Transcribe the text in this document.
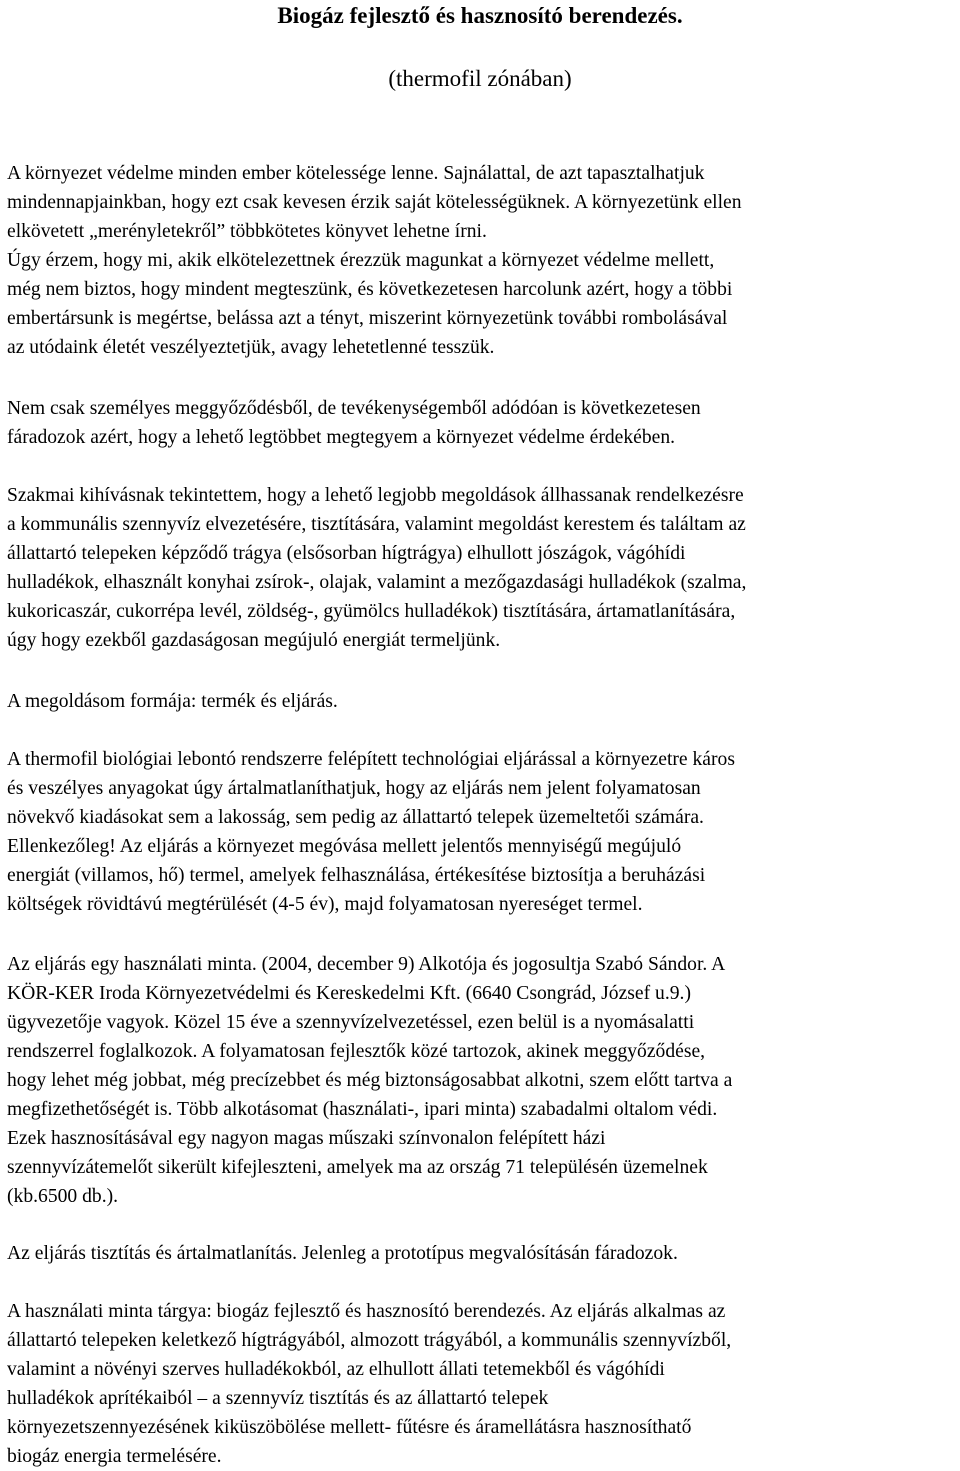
Biogáz fejlesztő és hasznosító berendezés.
(thermofil zónában)
A környezet védelme minden ember kötelessége lenne. Sajnálattal, de azt tapasztalhatjuk
mindennapjainkban, hogy ezt csak kevesen érzik saját kötelességüknek. A környezetünk ellen
elkövetett „merényletekről” többkötetes könyvet lehetne írni.
Úgy érzem, hogy mi, akik elkötelezettnek érezzük magunkat a környezet védelme mellett,
még nem biztos, hogy mindent megteszünk, és következetesen harcolunk azért, hogy a többi
embertársunk is megértse, belássa azt a tényt, miszerint környezetünk további rombolásával
az utódaink életét veszélyeztetjük, avagy lehetetlenné tesszük.
Nem csak személyes meggyőződésből, de tevékenységemből adódóan is következetesen
fáradozok azért, hogy a lehető legtöbbet megtegyem a környezet védelme érdekében.
Szakmai kihívásnak tekintettem, hogy a lehető legjobb megoldások állhassanak rendelkezésre
a kommunális szennyvíz elvezetésére, tisztítására, valamint megoldást kerestem és találtam az
állattartó telepeken képződő trágya (elsősorban hígtrágya) elhullott jószágok, vágóhídi
hulladékok, elhasznált konyhai zsírok-, olajak, valamint a mezőgazdasági hulladékok (szalma,
kukoricaszár, cukorrépa levél, zöldség-, gyümölcs hulladékok) tisztítására, ártamatlanítására,
úgy hogy ezekből gazdaságosan megújuló energiát termeljünk.
A megoldásom formája: termék és eljárás.
A thermofil biológiai lebontó rendszerre felépített technológiai eljárással a környezetre káros
és veszélyes anyagokat úgy ártalmatlaníthatjuk, hogy az eljárás nem jelent folyamatosan
növekvő kiadásokat sem a lakosság, sem pedig az állattartó telepek üzemeltetői számára.
Ellenkezőleg! Az eljárás a környezet megóvása mellett jelentős mennyiségű megújuló
energiát (villamos, hő) termel, amelyek felhasználása, értékesítése biztosítja a beruházási
költségek rövidtávú megtérülését (4-5 év), majd folyamatosan nyereséget termel.
Az eljárás egy használati minta. (2004, december 9) Alkotója és jogosultja Szabó Sándor. A
KÖR-KER Iroda Környezetvédelmi és Kereskedelmi Kft. (6640 Csongrád, József u.9.)
ügyvezetője vagyok. Közel 15 éve a szennyvízelvezetéssel, ezen belül is a nyomásalatti
rendszerrel foglalkozok. A folyamatosan fejlesztők közé tartozok, akinek meggyőződése,
hogy lehet még jobbat, még precízebbet és még biztonságosabbat alkotni, szem előtt tartva a
megfizethetőségét is. Több alkotásomat (használati-, ipari minta) szabadalmi oltalom védi.
Ezek hasznosításával egy nagyon magas műszaki színvonalon felépített házi
szennyvízátemelőt sikerült kifejleszteni, amelyek ma az ország 71 településén üzemelnek
(kb.6500 db.).
Az eljárás tisztítás és ártalmatlanítás. Jelenleg a prototípus megvalósításán fáradozok.
A használati minta tárgya: biogáz fejlesztő és hasznosító berendezés. Az eljárás alkalmas az
állattartó telepeken keletkező hígtrágyából, almozott trágyából, a kommunális szennyvízből,
valamint a növényi szerves hulladékokból, az elhullott állati tetemekből és vágóhídi
hulladékok aprítékaiból – a szennyvíz tisztítás és az állattartó telepek
környezetszennyezésének kiküszöbölése mellett- fűtésre és áramellátásra hasznosíthatő
biogáz energia termelésére.
